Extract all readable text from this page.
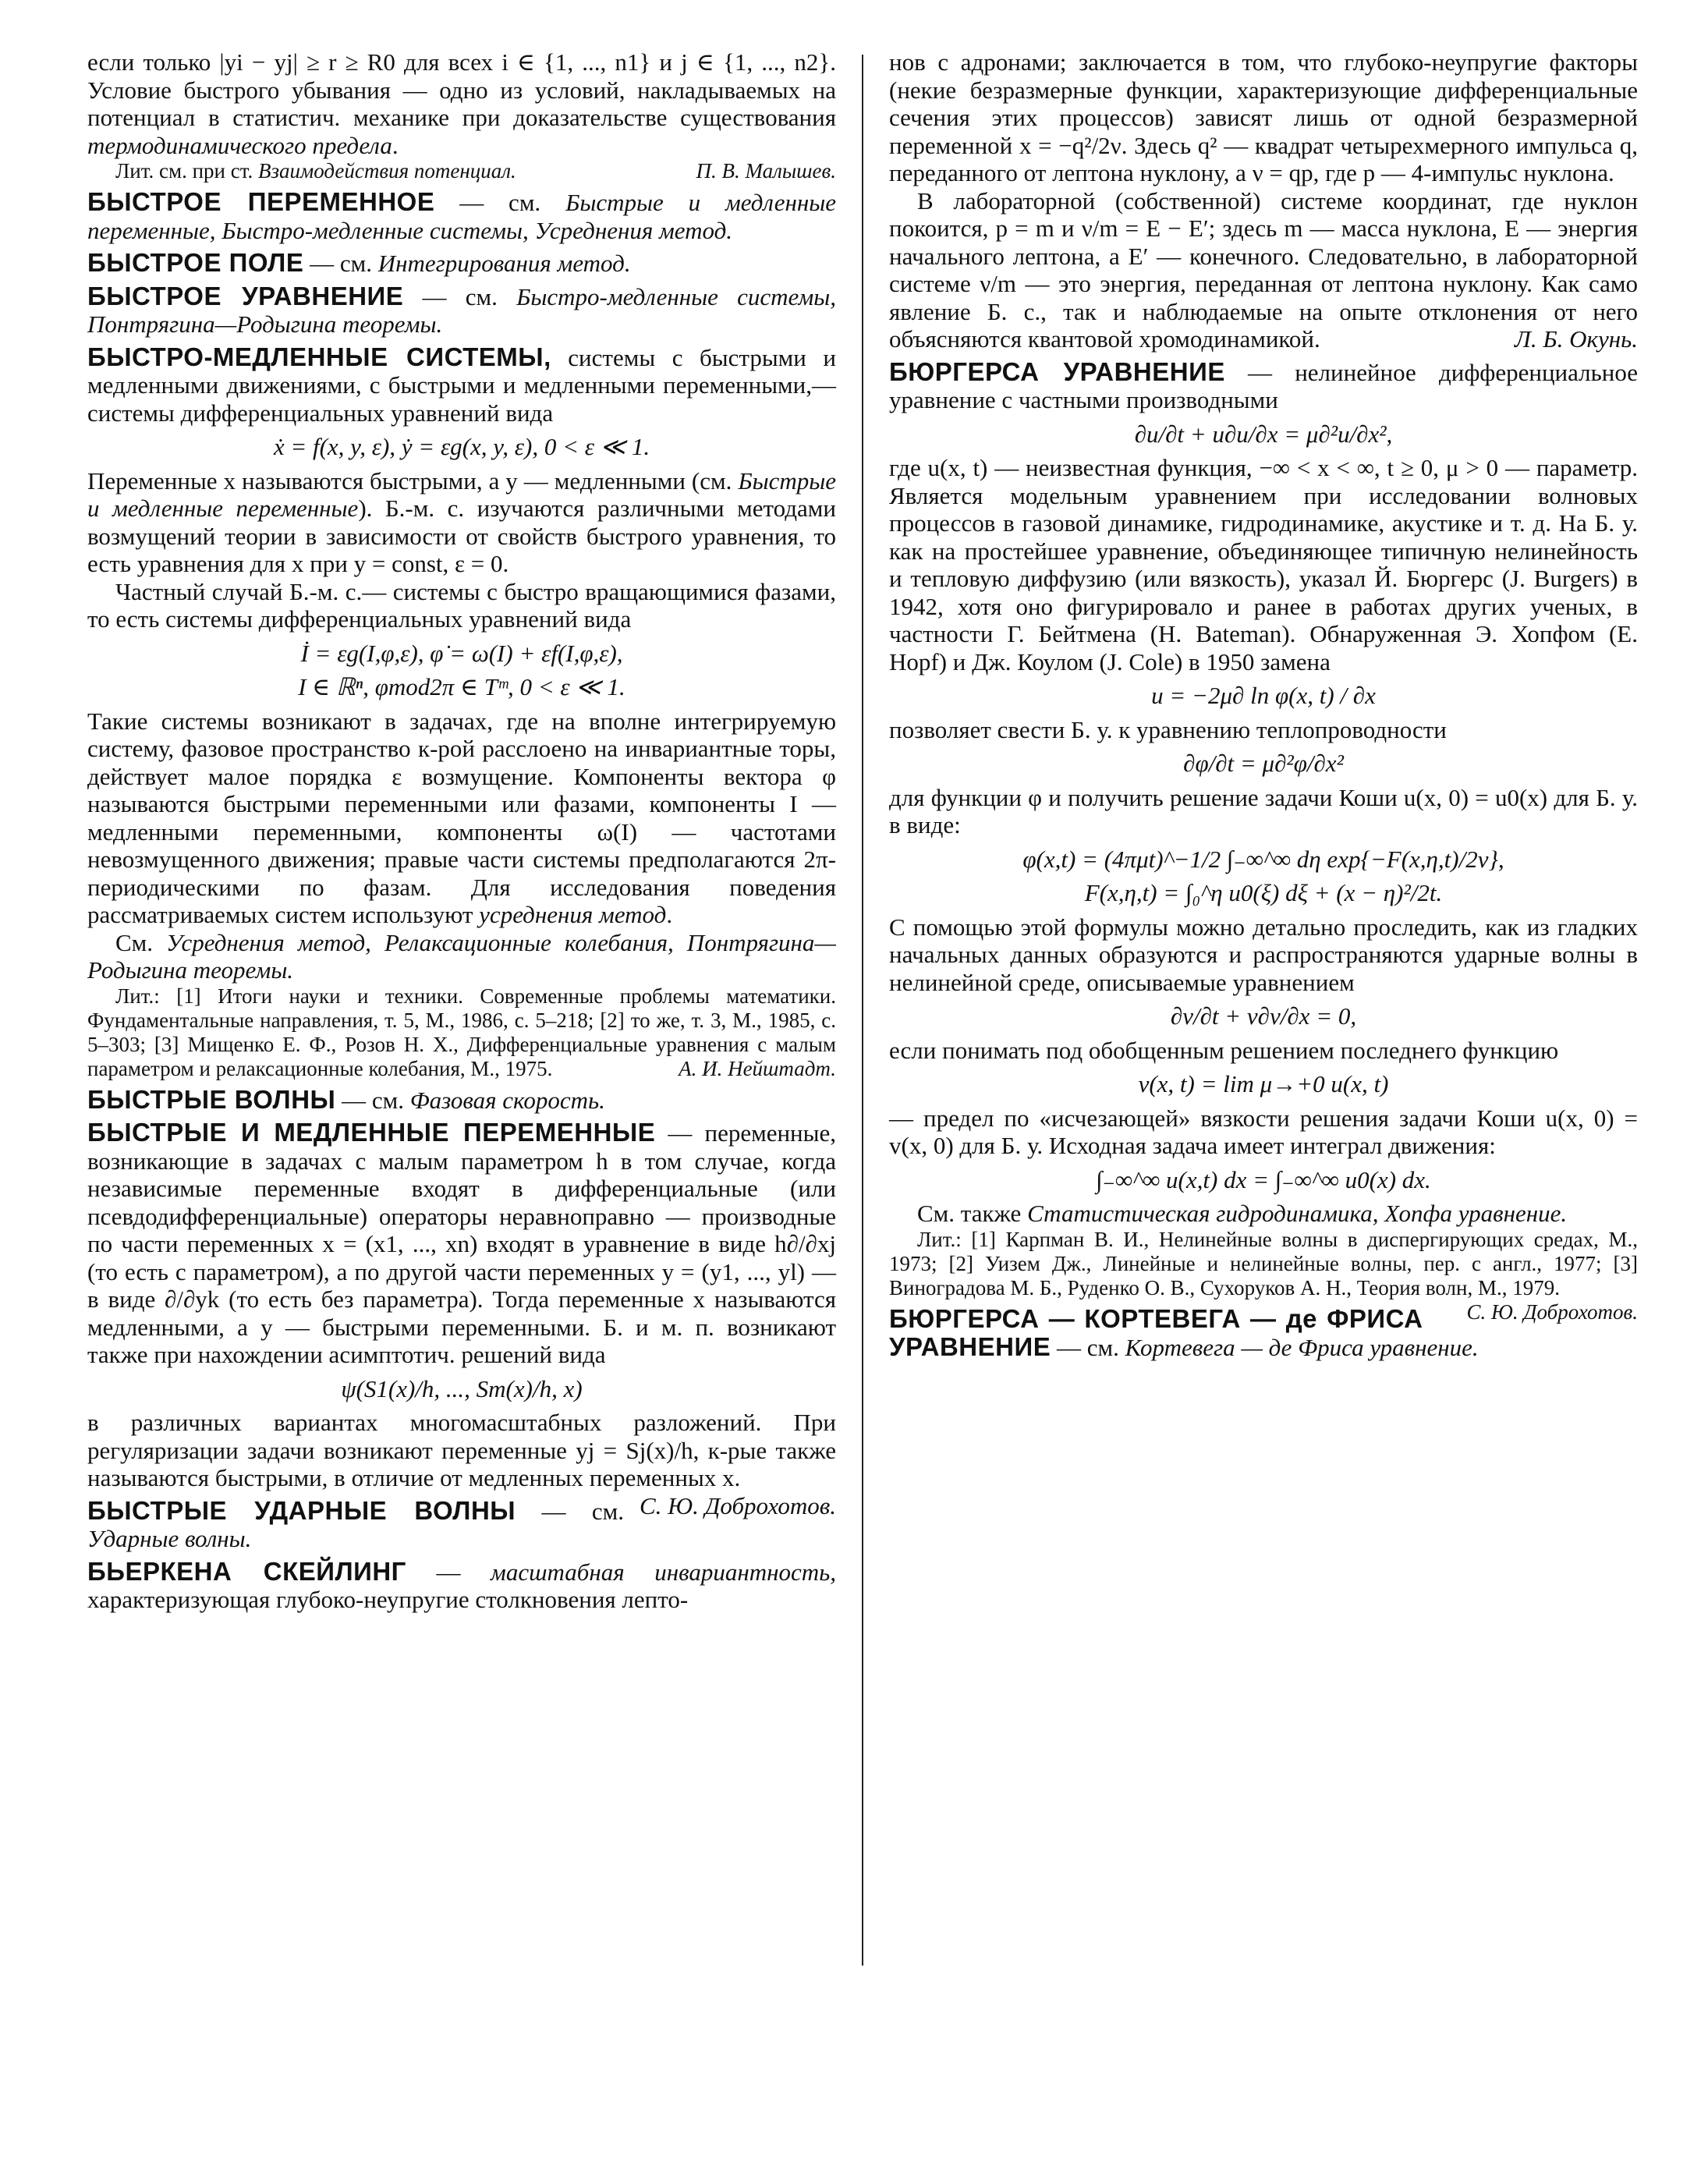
если только |yi − yj| ≥ r ≥ R0 для всех i ∈ {1, ..., n1} и j ∈ {1, ..., n2}. Условие быстрого убывания — одно из условий, накладываемых на потенциал в статистич. механике при доказательстве существования термодинамического предела.

Лит. см. при ст. Взаимодействия потенциал.	П. В. Малышев.

БЫСТРОЕ ПЕРЕМЕННОЕ — см. Быстрые и медленные переменные, Быстро-медленные системы, Усреднения метод.

БЫСТРОЕ ПОЛЕ — см. Интегрирования метод.

БЫСТРОЕ УРАВНЕНИЕ — см. Быстро-медленные системы, Понтрягина—Родыгина теоремы.

БЫСТРО-МЕДЛЕННЫЕ СИСТЕМЫ, системы с быстрыми и медленными движениями, с быстрыми и медленными переменными,— системы дифференциальных уравнений вида

ẋ = f(x, y, ε), ẏ = εg(x, y, ε), 0 < ε ≪ 1.

Переменные x называются быстрыми, а y — медленными (см. Быстрые и медленные переменные). Б.-м. с. изучаются различными методами возмущений теории в зависимости от свойств быстрого уравнения, то есть уравнения для x при y = const, ε = 0.

Частный случай Б.-м. с.— системы с быстро вращающимися фазами, то есть системы дифференциальных уравнений вида

İ = εg(I,φ,ε), φ̇ = ω(I) + εf(I,φ,ε),

I ∈ ℝⁿ, φmod2π ∈ Tᵐ, 0 < ε ≪ 1.

Такие системы возникают в задачах, где на вполне интегрируемую систему, фазовое пространство к-рой расслоено на инвариантные торы, действует малое порядка ε возмущение. Компоненты вектора φ называются быстрыми переменными или фазами, компоненты I — медленными переменными, компоненты ω(I) — частотами невозмущенного движения; правые части системы предполагаются 2π-периодическими по фазам. Для исследования поведения рассматриваемых систем используют усреднения метод.

См. Усреднения метод, Релаксационные колебания, Понтрягина—Родыгина теоремы.

Лит.: [1] Итоги науки и техники. Современные проблемы математики. Фундаментальные направления, т. 5, М., 1986, с. 5–218; [2] то же, т. 3, М., 1985, с. 5–303; [3] Мищенко Е. Ф., Розов Н. Х., Дифференциальные уравнения с малым параметром и релаксационные колебания, М., 1975.	А. И. Нейштадт.

БЫСТРЫЕ ВОЛНЫ — см. Фазовая скорость.

БЫСТРЫЕ И МЕДЛЕННЫЕ ПЕРЕМЕННЫЕ — переменные, возникающие в задачах с малым параметром h в том случае, когда независимые переменные входят в дифференциальные (или псевдодифференциальные) операторы неравноправно — производные по части переменных x = (x1, ..., xn) входят в уравнение в виде h∂/∂xj (то есть с параметром), а по другой части переменных y = (y1, ..., yl) — в виде ∂/∂yk (то есть без параметра). Тогда переменные x называются медленными, а y — быстрыми переменными. Б. и м. п. возникают также при нахождении асимптотич. решений вида

ψ(S1(x)/h, ..., Sm(x)/h, x)

в различных вариантах многомасштабных разложений. При регуляризации задачи возникают переменные yj = Sj(x)/h, к-рые также называются быстрыми, в отличие от медленных переменных x.
С. Ю. Доброхотов.

БЫСТРЫЕ УДАРНЫЕ ВОЛНЫ — см. Ударные волны.

БЬЕРКЕНА СКЕЙЛИНГ — масштабная инвариантность, характеризующая глубоко-неупругие столкновения лепто-

нов с адронами; заключается в том, что глубоко-неупругие факторы (некие безразмерные функции, характеризующие дифференциальные сечения этих процессов) зависят лишь от одной безразмерной переменной x = −q²/2ν. Здесь q² — квадрат четырехмерного импульса q, переданного от лептона нуклону, а ν = qp, где p — 4-импульс нуклона.

В лабораторной (собственной) системе координат, где нуклон покоится, p = m и ν/m = E − E′; здесь m — масса нуклона, E — энергия начального лептона, а E′ — конечного. Следовательно, в лабораторной системе ν/m — это энергия, переданная от лептона нуклону. Как само явление Б. с., так и наблюдаемые на опыте отклонения от него объясняются квантовой хромодинамикой.	Л. Б. Окунь.

БЮРГЕРСА УРАВНЕНИЕ — нелинейное дифференциальное уравнение с частными производными

∂u/∂t + u∂u/∂x = μ∂²u/∂x²,

где u(x, t) — неизвестная функция, −∞ < x < ∞, t ≥ 0, μ > 0 — параметр. Является модельным уравнением при исследовании волновых процессов в газовой динамике, гидродинамике, акустике и т. д. На Б. у. как на простейшее уравнение, объединяющее типичную нелинейность и тепловую диффузию (или вязкость), указал Й. Бюргерс (J. Burgers) в 1942, хотя оно фигурировало и ранее в работах других ученых, в частности Г. Бейтмена (H. Bateman). Обнаруженная Э. Хопфом (E. Hopf) и Дж. Коулом (J. Cole) в 1950 замена

u = −2μ∂ ln φ(x, t) / ∂x

позволяет свести Б. у. к уравнению теплопроводности

∂φ/∂t = μ∂²φ/∂x²

для функции φ и получить решение задачи Коши u(x, 0) = u0(x) для Б. у. в виде:

φ(x,t) = (4πμt)^−1/2 ∫₋∞^∞ dη exp{−F(x,η,t)/2ν},

F(x,η,t) = ∫₀^η u0(ξ) dξ + (x − η)²/2t.

С помощью этой формулы можно детально проследить, как из гладких начальных данных образуются и распространяются ударные волны в нелинейной среде, описываемые уравнением

∂v/∂t + v∂v/∂x = 0,

если понимать под обобщенным решением последнего функцию

v(x, t) = lim μ→+0 u(x, t)

— предел по «исчезающей» вязкости решения задачи Коши u(x, 0) = v(x, 0) для Б. у. Исходная задача имеет интеграл движения:

∫₋∞^∞ u(x,t) dx = ∫₋∞^∞ u0(x) dx.

См. также Статистическая гидродинамика, Хопфа уравнение.

Лит.: [1] Карпман В. И., Нелинейные волны в диспергирующих средах, М., 1973; [2] Уизем Дж., Линейные и нелинейные волны, пер. с англ., 1977; [3] Виноградова М. Б., Руденко О. В., Сухоруков А. Н., Теория волн, М., 1979.
С. Ю. Доброхотов.

БЮРГЕРСА — КОРТЕВЕГА — де ФРИСА УРАВНЕНИЕ — см. Кортевега — де Фриса уравнение.
